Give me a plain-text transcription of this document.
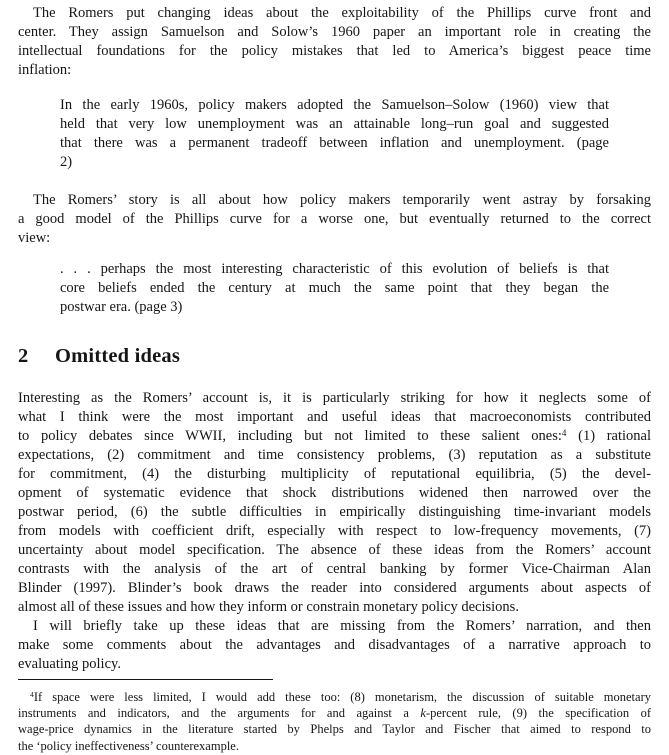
The Romers put changing ideas about the exploitability of the Phillips curve front and
center. They assign Samuelson and Solow’s 1960 paper an important role in creating the
intellectual foundations for the policy mistakes that led to America’s biggest peace time
inflation:
In the early 1960s, policy makers adopted the Samuelson–Solow (1960) view that
held that very low unemployment was an attainable long–run goal and suggested
that there was a permanent tradeoff between inflation and unemployment. (page
2)
The Romers’ story is all about how policy makers temporarily went astray by forsaking
a good model of the Phillips curve for a worse one, but eventually returned to the correct
view:
. . . perhaps the most interesting characteristic of this evolution of beliefs is that
core beliefs ended the century at much the same point that they began the
postwar era. (page 3)
2 Omitted ideas
Interesting as the Romers’ account is, it is particularly striking for how it neglects some of
what I think were the most important and useful ideas that macroeconomists contributed
to policy debates since WWII, including but not limited to these salient ones:$^4$ (1) rational
expectations, (2) commitment and time consistency problems, (3) reputation as a substitute
for commitment, (4) the disturbing multiplicity of reputational equilibria, (5) the devel-
opment of systematic evidence that shock distributions widened then narrowed over the
postwar period, (6) the subtle difficulties in empirically distinguishing time-invariant models
from models with coefficient drift, especially with respect to low-frequency movements, (7)
uncertainty about model specification. The absence of these ideas from the Romers’ account
contrasts with the analysis of the art of central banking by former Vice-Chairman Alan
Blinder (1997). Blinder’s book draws the reader into considered arguments about aspects of
almost all of these issues and how they inform or constrain monetary policy decisions.
I will briefly take up these ideas that are missing from the Romers’ narration, and then
make some comments about the advantages and disadvantages of a narrative approach to
evaluating policy.
$^4$If space were less limited, I would add these too: (8) monetarism, the discussion of suitable monetary
instruments and indicators, and the arguments for and against a k-percent rule, (9) the specification of
wage-price dynamics in the literature started by Phelps and Taylor and Fischer that aimed to respond to
the ‘policy ineffectiveness’ counterexample.
